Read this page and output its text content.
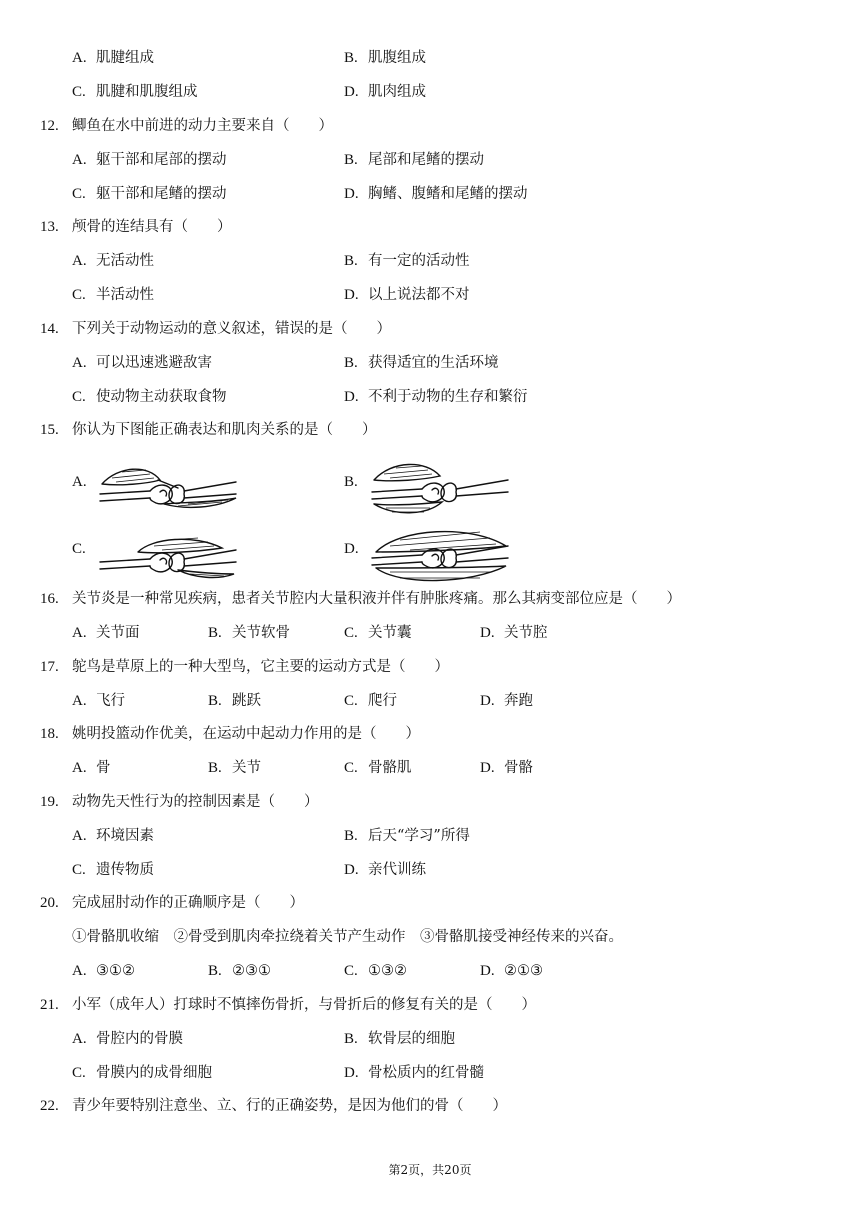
A. 肌腱组成	B. 肌腹组成
C. 肌腱和肌腹组成	D. 肌肉组成
12. 鲫鱼在水中前进的动力主要来自（　　）
A. 躯干部和尾部的摆动	B. 尾部和尾鳍的摆动
C. 躯干部和尾鳍的摆动	D. 胸鳍、腹鳍和尾鳍的摆动
13. 颅骨的连结具有（　　）
A. 无活动性	B. 有一定的活动性
C. 半活动性	D. 以上说法都不对
14. 下列关于动物运动的意义叙述，错误的是（　　）
A. 可以迅速逃避敌害	B. 获得适宜的生活环境
C. 使动物主动获取食物	D. 不利于动物的生存和繁衍
15. 你认为下图能正确表达和肌肉关系的是（　　）
16. 关节炎是一种常见疾病，患者关节腔内大量积液并伴有肿胀疼痛。那么其病变部位应是（　　）
A. 关节面	B. 关节软骨	C. 关节囊	D. 关节腔
17. 鸵鸟是草原上的一种大型鸟，它主要的运动方式是（　　）
A. 飞行	B. 跳跃	C. 爬行	D. 奔跑
18. 姚明投篮动作优美，在运动中起动力作用的是（　　）
A. 骨	B. 关节	C. 骨骼肌	D. 骨骼
19. 动物先天性行为的控制因素是（　　）
A. 环境因素	B. 后天“学习”所得
C. 遗传物质	D. 亲代训练
20. 完成屈肘动作的正确顺序是（　　）
①骨骼肌收缩　②骨受到肌肉牵拉绕着关节产生动作　③骨骼肌接受神经传来的兴奋。
A. ③①②	B. ②③①	C. ①③②	D. ②①③
21. 小军（成年人）打球时不慎摔伤骨折，与骨折后的修复有关的是（　　）
A. 骨腔内的骨膜	B. 软骨层的细胞
C. 骨膜内的成骨细胞	D. 骨松质内的红骨髓
22. 青少年要特别注意坐、立、行的正确姿势，是因为他们的骨（　　）
A.	B.
C.	D.
第2页，共20页
